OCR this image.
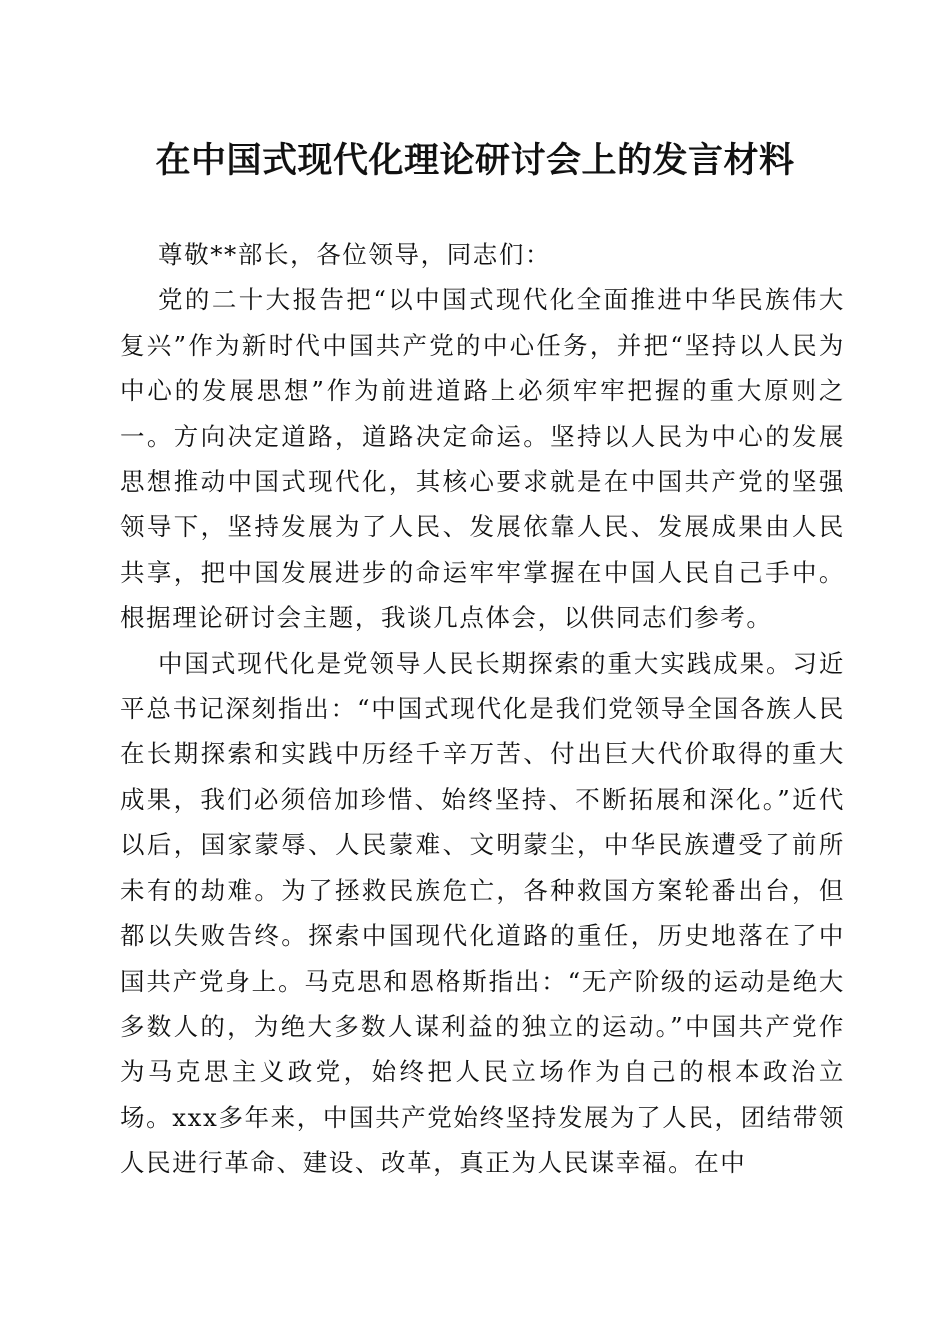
在中国式现代化理论研讨会上的发言材料

尊敬**部长，各位领导，同志们：

党的二十大报告把“以中国式现代化全面推进中华民族伟大复兴”作为新时代中国共产党的中心任务，并把“坚持以人民为中心的发展思想”作为前进道路上必须牢牢把握的重大原则之一。方向决定道路，道路决定命运。坚持以人民为中心的发展思想推动中国式现代化，其核心要求就是在中国共产党的坚强领导下，坚持发展为了人民、发展依靠人民、发展成果由人民共享，把中国发展进步的命运牢牢掌握在中国人民自己手中。根据理论研讨会主题，我谈几点体会，以供同志们参考。

中国式现代化是党领导人民长期探索的重大实践成果。习近平总书记深刻指出：“中国式现代化是我们党领导全国各族人民在长期探索和实践中历经千辛万苦、付出巨大代价取得的重大成果，我们必须倍加珍惜、始终坚持、不断拓展和深化。”近代以后，国家蒙辱、人民蒙难、文明蒙尘，中华民族遭受了前所未有的劫难。为了拯救民族危亡，各种救国方案轮番出台，但都以失败告终。探索中国现代化道路的重任，历史地落在了中国共产党身上。马克思和恩格斯指出：“无产阶级的运动是绝大多数人的，为绝大多数人谋利益的独立的运动。”中国共产党作为马克思主义政党，始终把人民立场作为自己的根本政治立场。xxx多年来，中国共产党始终坚持发展为了人民，团结带领人民进行革命、建设、改革，真正为人民谋幸福。在中
